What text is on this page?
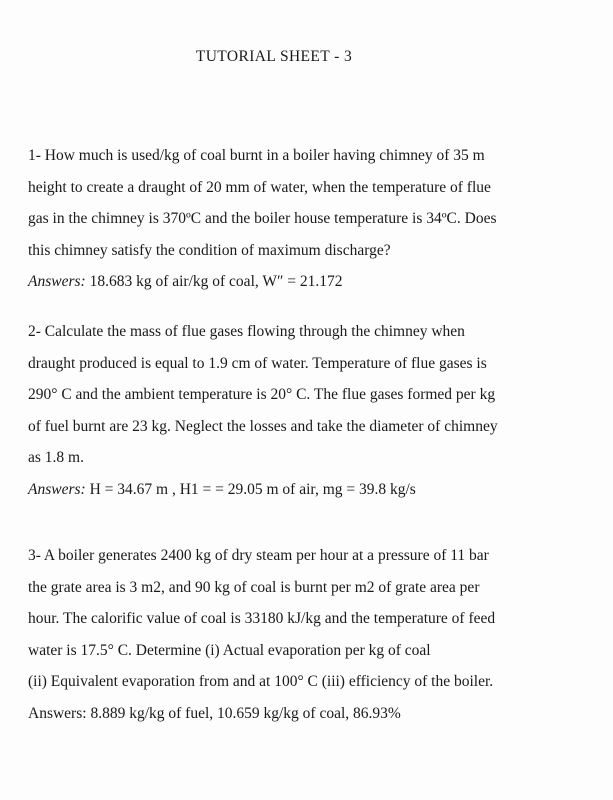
TUTORIAL SHEET - 3
1- How much is used/kg of coal burnt in a boiler having chimney of 35 m
height to create a draught of 20 mm of water, when the temperature of flue
gas in the chimney is 370ºC and the boiler house temperature is 34ºC. Does
this chimney satisfy the condition of maximum discharge?
Answers: 18.683 kg of air/kg of coal, W″ = 21.172
2- Calculate the mass of flue gases flowing through the chimney when
draught produced is equal to 1.9 cm of water. Temperature of flue gases is
290° C and the ambient temperature is 20° C. The flue gases formed per kg
of fuel burnt are 23 kg. Neglect the losses and take the diameter of chimney
as 1.8 m.
Answers: H = 34.67 m , H1 = = 29.05 m of air, mg = 39.8 kg/s
3- A boiler generates 2400 kg of dry steam per hour at a pressure of 11 bar
the grate area is 3 m2, and 90 kg of coal is burnt per m2 of grate area per
hour. The calorific value of coal is 33180 kJ/kg and the temperature of feed
water is 17.5° C. Determine (i) Actual evaporation per kg of coal
(ii) Equivalent evaporation from and at 100° C (iii) efficiency of the boiler.
Answers: 8.889 kg/kg of fuel, 10.659 kg/kg of coal, 86.93%
